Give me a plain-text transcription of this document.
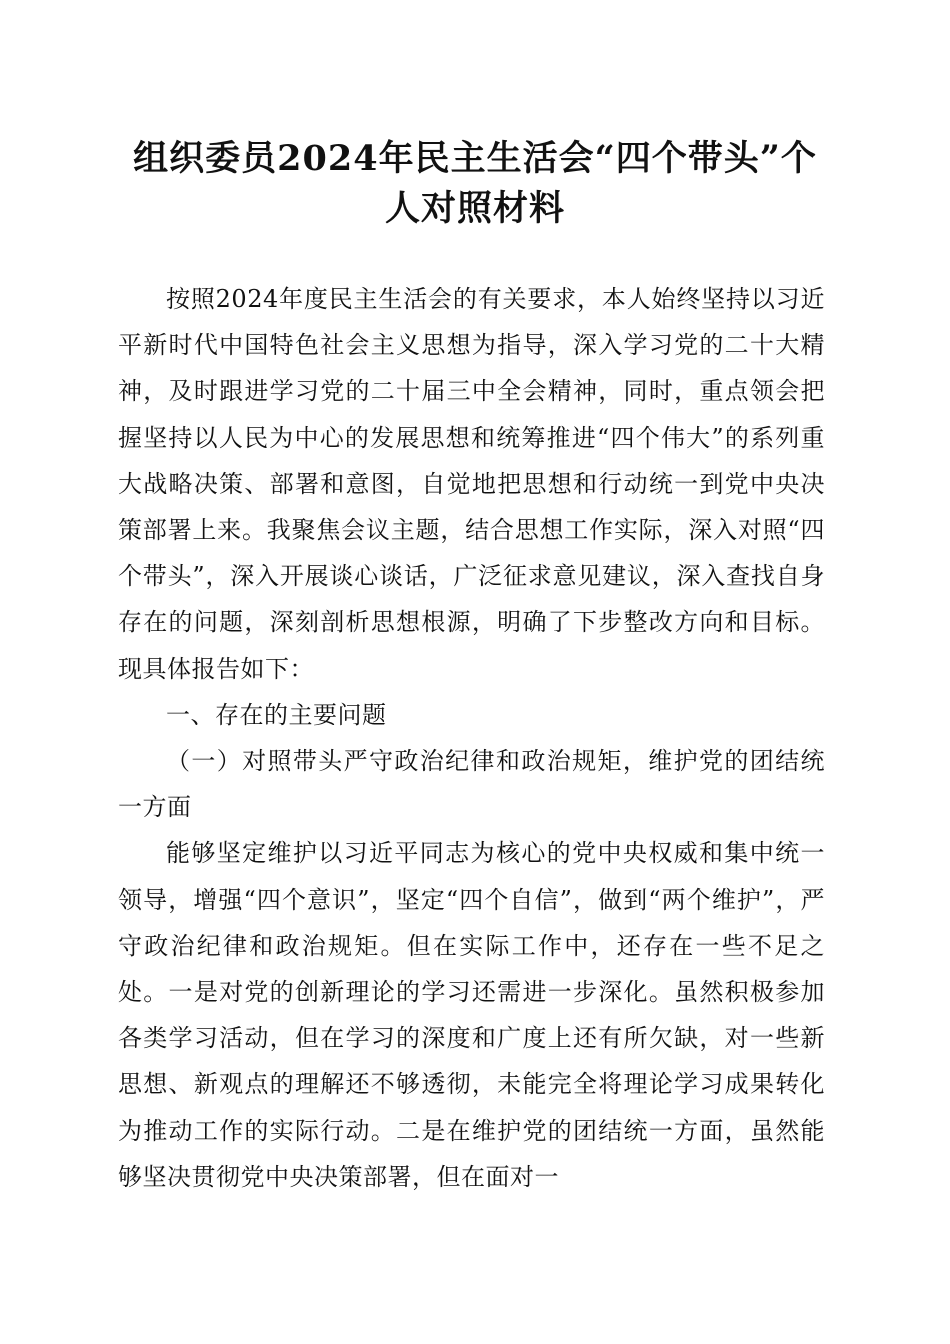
组织委员2024年民主生活会“四个带头”个人对照材料

按照2024年度民主生活会的有关要求，本人始终坚持以习近平新时代中国特色社会主义思想为指导，深入学习党的二十大精神，及时跟进学习党的二十届三中全会精神，同时，重点领会把握坚持以人民为中心的发展思想和统筹推进“四个伟大”的系列重大战略决策、部署和意图，自觉地把思想和行动统一到党中央决策部署上来。我聚焦会议主题，结合思想工作实际，深入对照“四个带头”，深入开展谈心谈话，广泛征求意见建议，深入查找自身存在的问题，深刻剖析思想根源，明确了下步整改方向和目标。现具体报告如下：

一、存在的主要问题

（一）对照带头严守政治纪律和政治规矩，维护党的团结统一方面

能够坚定维护以习近平同志为核心的党中央权威和集中统一领导，增强“四个意识”，坚定“四个自信”，做到“两个维护”，严守政治纪律和政治规矩。但在实际工作中，还存在一些不足之处。一是对党的创新理论的学习还需进一步深化。虽然积极参加各类学习活动，但在学习的深度和广度上还有所欠缺，对一些新思想、新观点的理解还不够透彻，未能完全将理论学习成果转化为推动工作的实际行动。二是在维护党的团结统一方面，虽然能够坚决贯彻党中央决策部署，但在面对一
